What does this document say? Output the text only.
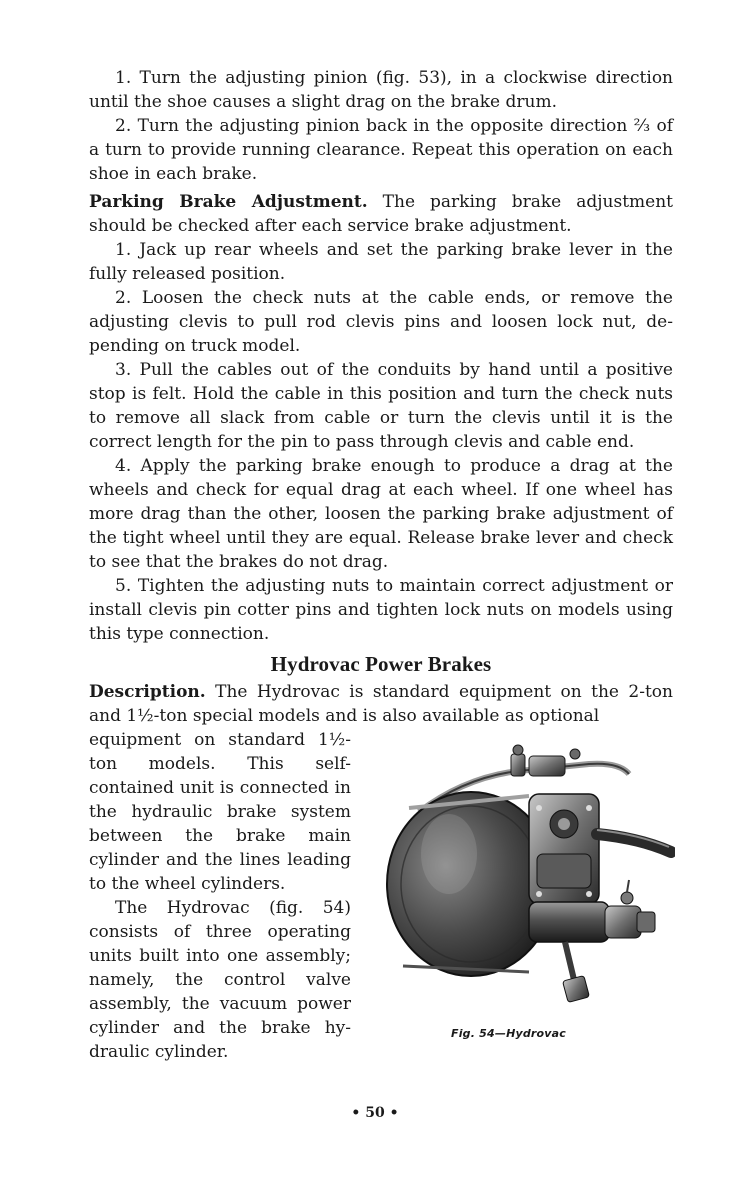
1. Turn the adjusting pinion (fig. 53), in a clockwise direction until the shoe causes a slight drag on the brake drum.

2. Turn the adjusting pinion back in the opposite direction ⅔ of a turn to provide running clearance. Repeat this operation on each shoe in each brake.

Parking Brake Adjustment. The parking brake adjustment should be checked after each service brake adjustment.

1. Jack up rear wheels and set the parking brake lever in the fully released position.

2. Loosen the check nuts at the cable ends, or remove the adjusting clevis to pull rod clevis pins and loosen lock nut, depending on truck model.

3. Pull the cables out of the conduits by hand until a positive stop is felt. Hold the cable in this position and turn the check nuts to remove all slack from cable or turn the clevis until it is the correct length for the pin to pass through clevis and cable end.

4. Apply the parking brake enough to produce a drag at the wheels and check for equal drag at each wheel. If one wheel has more drag than the other, loosen the parking brake adjustment of the tight wheel until they are equal. Release brake lever and check to see that the brakes do not drag.

5. Tighten the adjusting nuts to maintain correct adjustment or install clevis pin cotter pins and tighten lock nuts on models using this type connection.

Hydrovac Power Brakes

Description. The Hydrovac is standard equipment on the 2-ton and 1½-ton special models and is also available as optional

equipment on standard 1½-ton models. This self-contained unit is connected in the hydraulic brake system between the brake main cylinder and the lines leading to the wheel cylinders.

The Hydrovac (fig. 54) consists of three operating units built into one assembly; namely, the control valve assembly, the vacuum power cylinder and the brake hydraulic cylinder.

Fig. 54—Hydrovac
• 50 •
